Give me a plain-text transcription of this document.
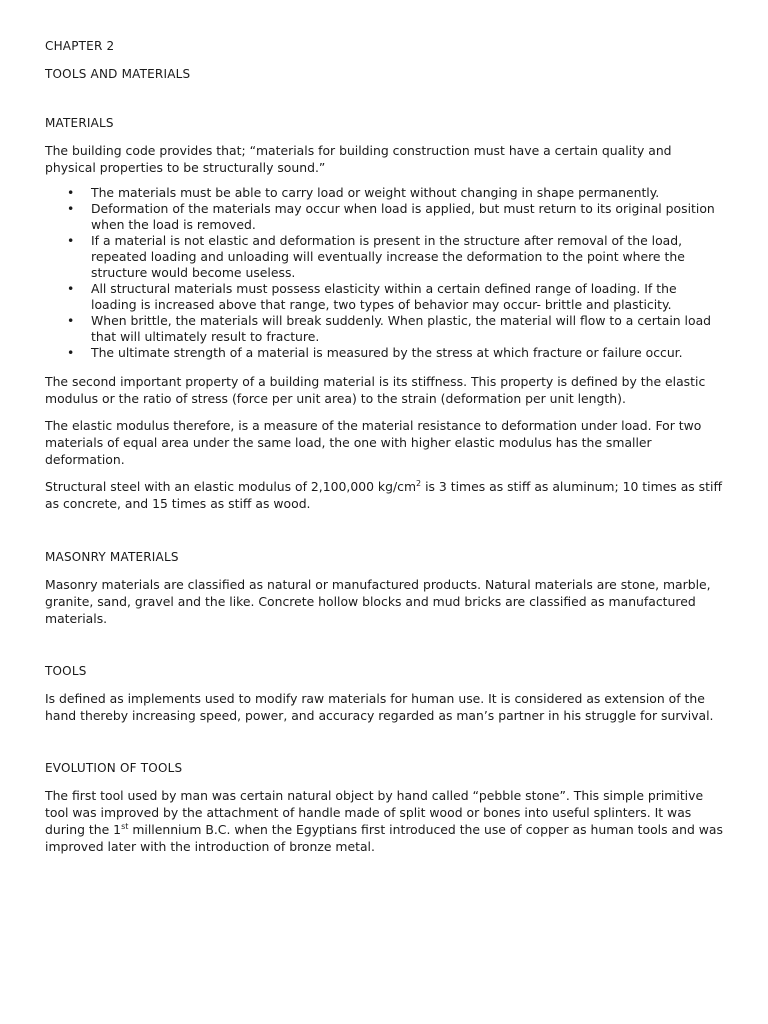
CHAPTER 2
TOOLS AND MATERIALS
MATERIALS

The building code provides that; “materials for building construction must have a certain quality and physical properties to be structurally sound.”

• The materials must be able to carry load or weight without changing in shape permanently.
• Deformation of the materials may occur when load is applied, but must return to its original position when the load is removed.
• If a material is not elastic and deformation is present in the structure after removal of the load, repeated loading and unloading will eventually increase the deformation to the point where the structure would become useless.
• All structural materials must possess elasticity within a certain defined range of loading. If the loading is increased above that range, two types of behavior may occur- brittle and plasticity.
• When brittle, the materials will break suddenly. When plastic, the material will flow to a certain load that will ultimately result to fracture.
• The ultimate strength of a material is measured by the stress at which fracture or failure occur.

The second important property of a building material is its stiffness. This property is defined by the elastic modulus or the ratio of stress (force per unit area) to the strain (deformation per unit length).

The elastic modulus therefore, is a measure of the material resistance to deformation under load. For two materials of equal area under the same load, the one with higher elastic modulus has the smaller deformation.

Structural steel with an elastic modulus of 2,100,000 $kg/cm^2$ is 3 times as stiff as aluminum; 10 times as stiff as concrete, and 15 times as stiff as wood.

MASONRY MATERIALS

Masonry materials are classified as natural or manufactured products. Natural materials are stone, marble, granite, sand, gravel and the like. Concrete hollow blocks and mud bricks are classified as manufactured materials.

TOOLS

Is defined as implements used to modify raw materials for human use. It is considered as extension of the hand thereby increasing speed, power, and accuracy regarded as man’s partner in his struggle for survival.

EVOLUTION OF TOOLS

The first tool used by man was certain natural object by hand called “pebble stone”. This simple primitive tool was improved by the attachment of handle made of split wood or bones into useful splinters. It was during the 1st millennium B.C. when the Egyptians first introduced the use of copper as human tools and was improved later with the introduction of bronze metal.
